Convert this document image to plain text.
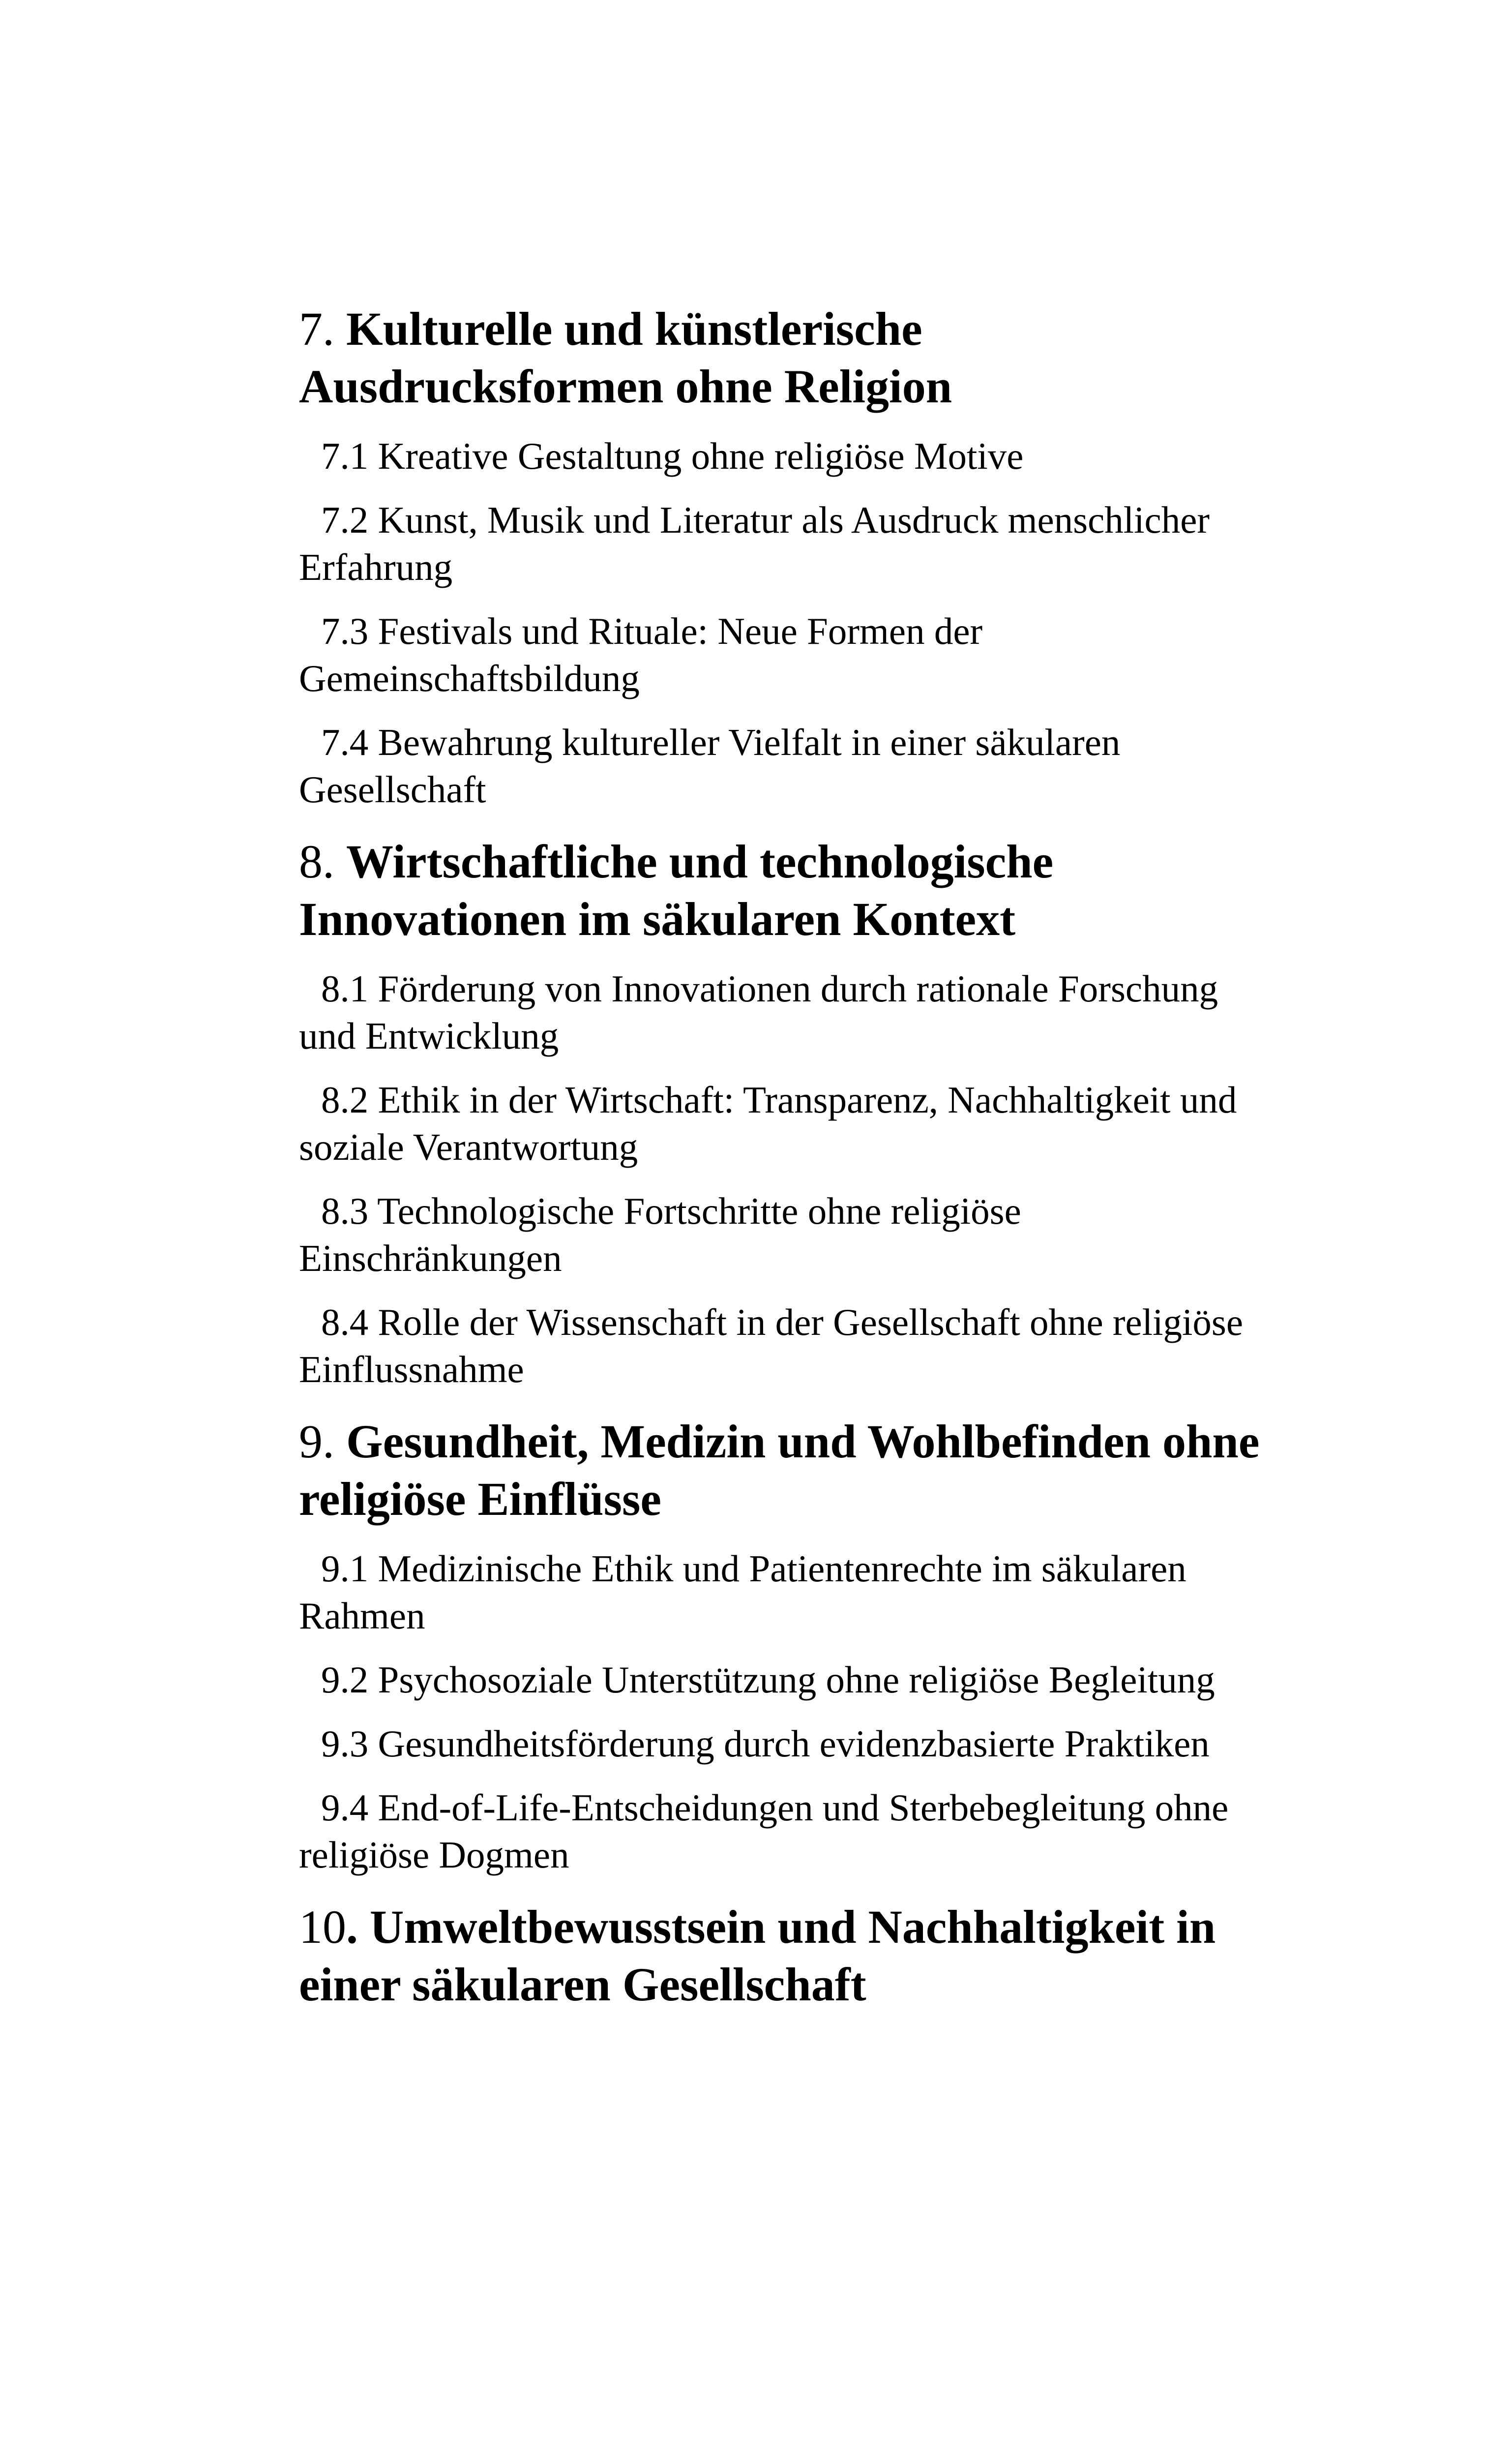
7. Kulturelle und künstlerische Ausdrucksformen ohne Religion
7.1 Kreative Gestaltung ohne religiöse Motive
7.2 Kunst, Musik und Literatur als Ausdruck menschlicher Erfahrung
7.3 Festivals und Rituale: Neue Formen der Gemeinschaftsbildung
7.4 Bewahrung kultureller Vielfalt in einer säkularen Gesellschaft
8. Wirtschaftliche und technologische Innovationen im säkularen Kontext
8.1 Förderung von Innovationen durch rationale Forschung und Entwicklung
8.2 Ethik in der Wirtschaft: Transparenz, Nachhaltigkeit und soziale Verantwortung
8.3 Technologische Fortschritte ohne religiöse Einschränkungen
8.4 Rolle der Wissenschaft in der Gesellschaft ohne religiöse Einflussnahme
9. Gesundheit, Medizin und Wohlbefinden ohne religiöse Einflüsse
9.1 Medizinische Ethik und Patientenrechte im säkularen Rahmen
9.2 Psychosoziale Unterstützung ohne religiöse Begleitung
9.3 Gesundheitsförderung durch evidenzbasierte Praktiken
9.4 End-of-Life-Entscheidungen und Sterbebegleitung ohne religiöse Dogmen
10. Umweltbewusstsein und Nachhaltigkeit in einer säkularen Gesellschaft
